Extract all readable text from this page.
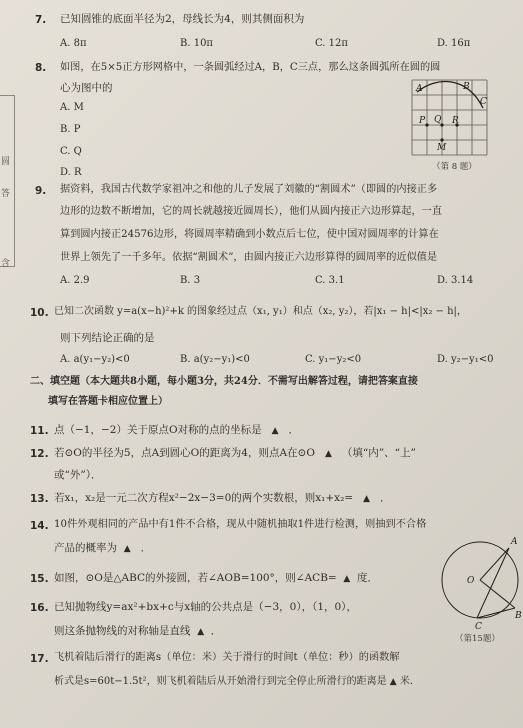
圆
答
含
7. 已知圆锥的底面半径为2，母线长为4，则其侧面积为
A. 8π	B. 10π	C. 12π	D. 16π
8. 如图，在5×5正方形网格中，一条圆弧经过A，B，C三点，那么这条圆弧所在圆的圆
心为图中的
A. M
B. P
C. Q
D. R
A	B
C
P Q R
M
（第 8 题）
9. 据资料，我国古代数学家祖冲之和他的儿子发展了刘徽的“割圆术”（即圆的内接正多
边形的边数不断增加，它的周长就越接近圆周长），他们从圆内接正六边形算起，一直
算到圆内接正24576边形，将圆周率精确到小数点后七位，使中国对圆周率的计算在
世界上领先了一千多年。依据“割圆术”，由圆内接正六边形算得的圆周率的近似值是
A. 2.9	B. 3	C. 3.1	D. 3.14
10. 已知二次函数 y=a(x−h)²+k 的图象经过点（x₁, y₁）和点（x₂, y₂），若|x₁ − h|<|x₂ − h|，
则下列结论正确的是
A. a(y₁−y₂)<0	B. a(y₂−y₁)<0	C. y₁−y₂<0	D. y₂−y₁<0
二、填空题（本大题共8小题，每小题3分，共24分．不需写出解答过程，请把答案直接
填写在答题卡相应位置上）
11. 点（−1，−2）关于原点O对称的点的坐标是 ▲ ．
12. 若⊙O的半径为5，点A到圆心O的距离为4，则点A在⊙O ▲ （填“内”、“上”
或“外”）．
13. 若x₁，x₂是一元二次方程x²−2x−3=0的两个实数根，则x₁+x₂= ▲ ．
14. 10件外观相同的产品中有1件不合格，现从中随机抽取1件进行检测，则抽到不合格
产品的概率为 ▲ ．
15. 如图，⊙O是△ABC的外接圆，若∠AOB=100°，则∠ACB= ▲ 度．
A
O
B
C
（第15题）
16. 已知抛物线y=ax²+bx+c与x轴的公共点是（−3，0），（1，0），
则这条抛物线的对称轴是直线 ▲ ．
17. 飞机着陆后滑行的距离s（单位：米）关于滑行的时间t（单位：秒）的函数解
析式是s=60t−1.5t²，则飞机着陆后从开始滑行到完全停止所滑行的距离是 ▲ 米．
